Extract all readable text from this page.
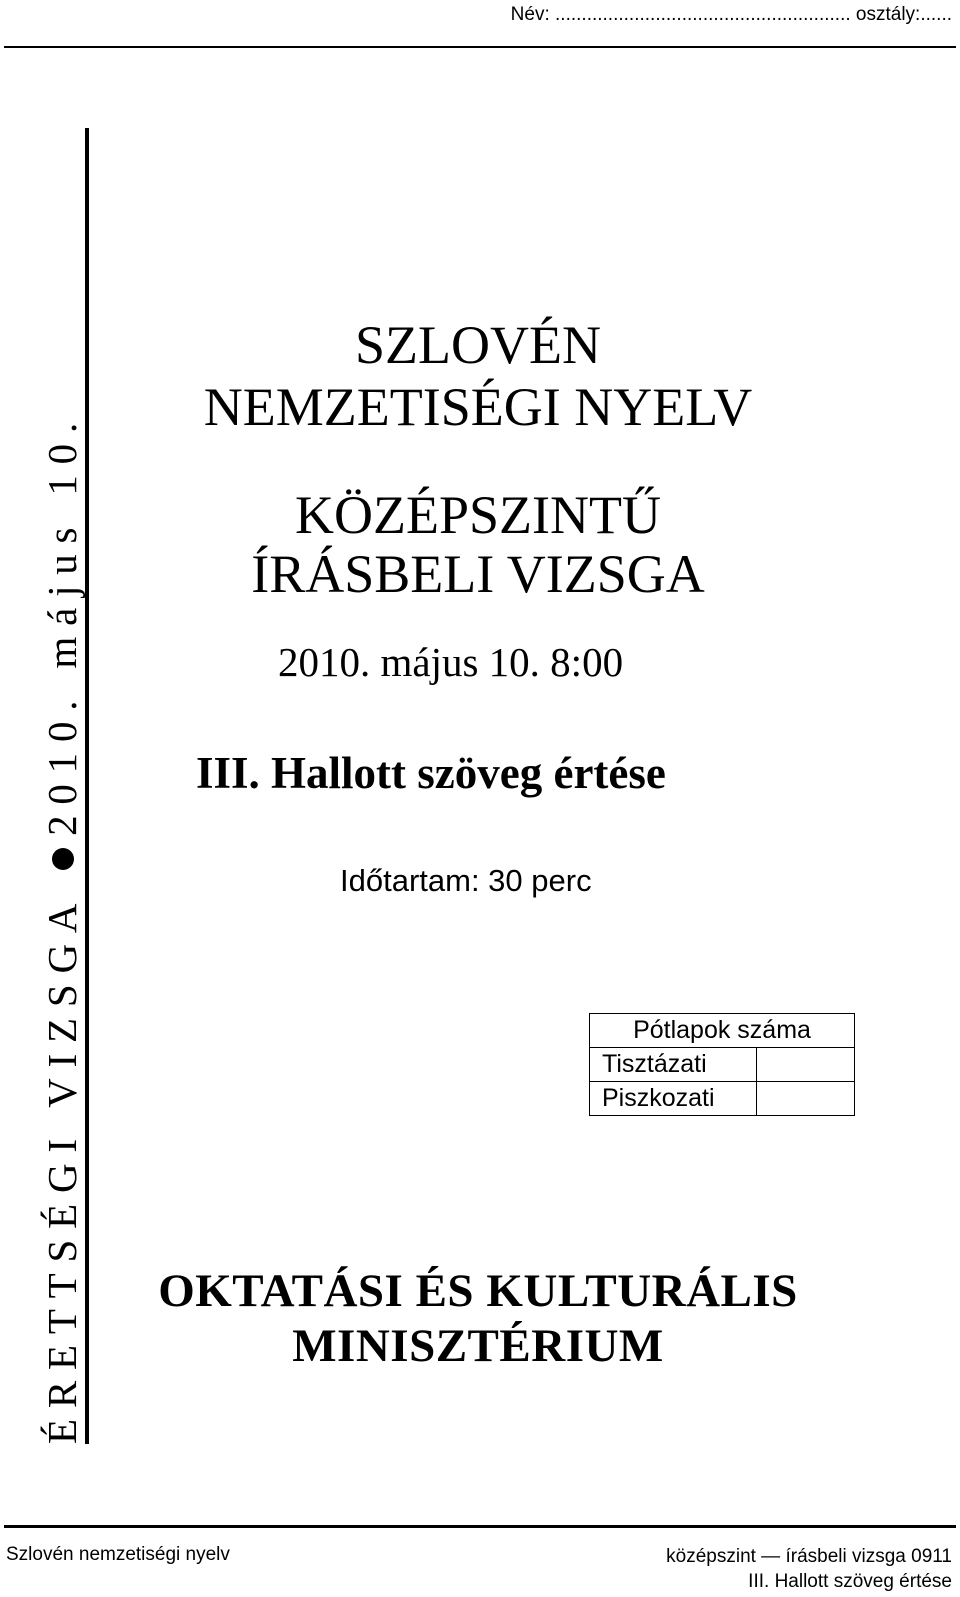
Név: ........................................................ osztály:......
ÉRETTSÉGI VIZSGA 2010. május 10.
SZLOVÉN
NEMZETISÉGI NYELV
KÖZÉPSZINTŰ
ÍRÁSBELI VIZSGA
2010. május 10. 8:00
III. Hallott szöveg értése
Időtartam: 30 perc
Pótlapok száma	
Tisztázati	
Piszkozati	
OKTATÁSI ÉS KULTURÁLIS
MINISZTÉRIUM
Szlovén nemzetiségi nyelv	középszint — írásbeli vizsga 0911
III. Hallott szöveg értése
